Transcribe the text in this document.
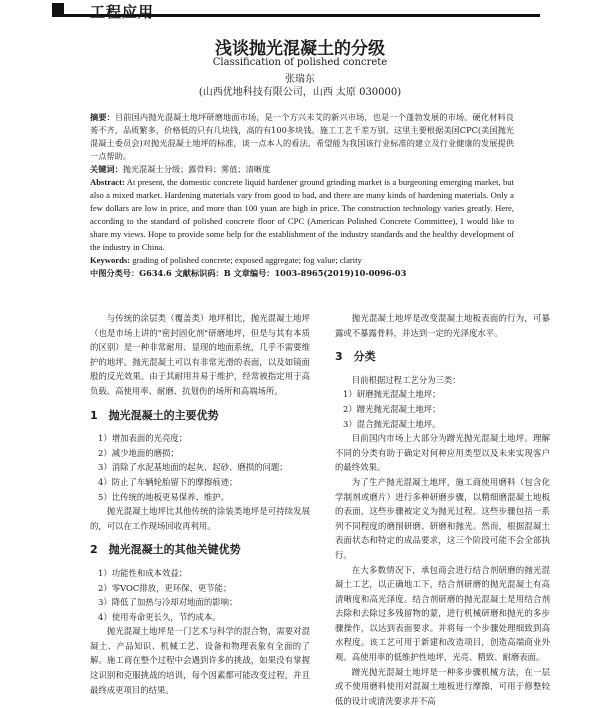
工程应用
浅谈抛光混凝土的分级
Classification of polished concrete
张瑞东
(山西优地科技有限公司，山西 太原 030000)
摘要：目前国内抛光混凝土地坪研磨地面市场，是一个方兴未艾的新兴市场，也是一个蓬勃发展的市场。硬化材料良莠不齐，品质繁多，价格低的只有几块钱，高的有100多块钱。施工工艺千差万别，这里主要根据美国CPC(美国抛光混凝土委员会)对抛光混凝土地坪的标准，谈一点本人的看法，希望能为我国该行业标准的建立及行业健康的发展提供一点帮助。
关键词：抛光混凝土分级；露骨料；雾值；清晰度
Abstract: At present, the domestic concrete liquid hardener ground grinding market is a burgeoning emerging market, but also a mixed market. Hardening materials vary from good to bad, and there are many kinds of hardening materials. Only a few dollars are low in price, and more than 100 yuan are high in price. The construction technology varies greatly. Here, according to the standard of polished concrete floor of CPC (American Polished Concrete Committee), I would like to share my views. Hope to provide some help for the establishment of the industry standards and the healthy development of the industry in China.
Keywords: grading of polished concrete; exposed aggregate; fog value; clarity
中图分类号：G634.6 文献标识码：B 文章编号：1003-8965(2019)10-0096-03

与传统的涂层类（覆盖类）地坪相比，抛光混凝土地坪（也是市场上讲的"密封固化剂"研磨地坪，但是与其有本质的区别）是一种非常耐用、显现的地面系统，几乎不需要维护的地坪。抛光混凝土可以有非常光滑的表面，以及如镜面般的反光效果。由于其耐用并易于维护，经常被指定用于高负载、高使用率、耐磨、抗划伤的场所和高端场所。

1　抛光混凝土的主要优势

1）增加表面的光亮度；

2）减少地面的磨损；

3）消除了水泥基地面的起灰、起砂、磨损的问题；

4）防止了车辆轮胎留下的摩擦痕迹；

5）比传统的地板更易保养、维护。

抛光混凝土地坪比其他传统的涂装类地坪是可持续发展的，可以在工作现场回收再利用。

2　抛光混凝土的其他关键优势

1）功能性和成本效益；

2）零VOC排放，更环保、更节能；

3）降低了加热与冷却对地面的影响；

4）使用寿命更长久，节约成本。

抛光混凝土地坪是一门艺术与科学的混合物，需要对混凝土、产品知识、机械工艺、设备和物理表象有全面的了解。施工商在整个过程中会遇到许多的挑战，如果没有掌握这识别和克服挑战的培训，每个因素都可能改变过程，并且最终成更项目的结果。

抛光混凝土地坪是改变混凝土地板表面的行为，可暴露或不暴露骨料，并达到一定的光泽度水平。

3　分类

目前根据过程工艺分为三类：

1）研磨抛光混凝土地坪；

2）蹭光抛光混凝土地坪；

3）混合抛光混凝土地坪。

目前国内市场上大部分为蹭光抛光混凝土地坪。理解不同的分类有助于确定对何种应用类型以及未来实现客户的最终效果。

为了生产抛光混凝土地坪，施工商使用磨料（包含化学制剂或磨片）进行多种研磨步骤，以精细磨混凝土地板的表面，这些步骤被定义为抛光过程。这些步骤包括一系列不同程度的磨削研磨、研磨和抛光。然而，根据混凝土表面状态和特定的成品要求，这三个阶段可能不会全部执行。

在大多数情况下，承包商会进行结合剂研磨的抛光混凝土工艺，以正确地工下，结合剂研磨的抛光混凝土有高清晰度和高光泽度。结合剂研磨的抛光混凝土是用结合剂去除和去除过多残留物的蒙，进行机械研磨和抛光的多步骤操作，以达到表面要求。并将每一个步骤处理细致到高水程度。该工艺可用于新建和改造项目，创造高端商业外观。高使用率的低维护性地坪，光亮、精致、耐磨表面。

蹭光抛光混凝土地坪是一种多步骤机械方法，在一层或不使用磨料使用对混凝土地板进行摩擦，可用于修整较低的设计或清洗要求并不高
